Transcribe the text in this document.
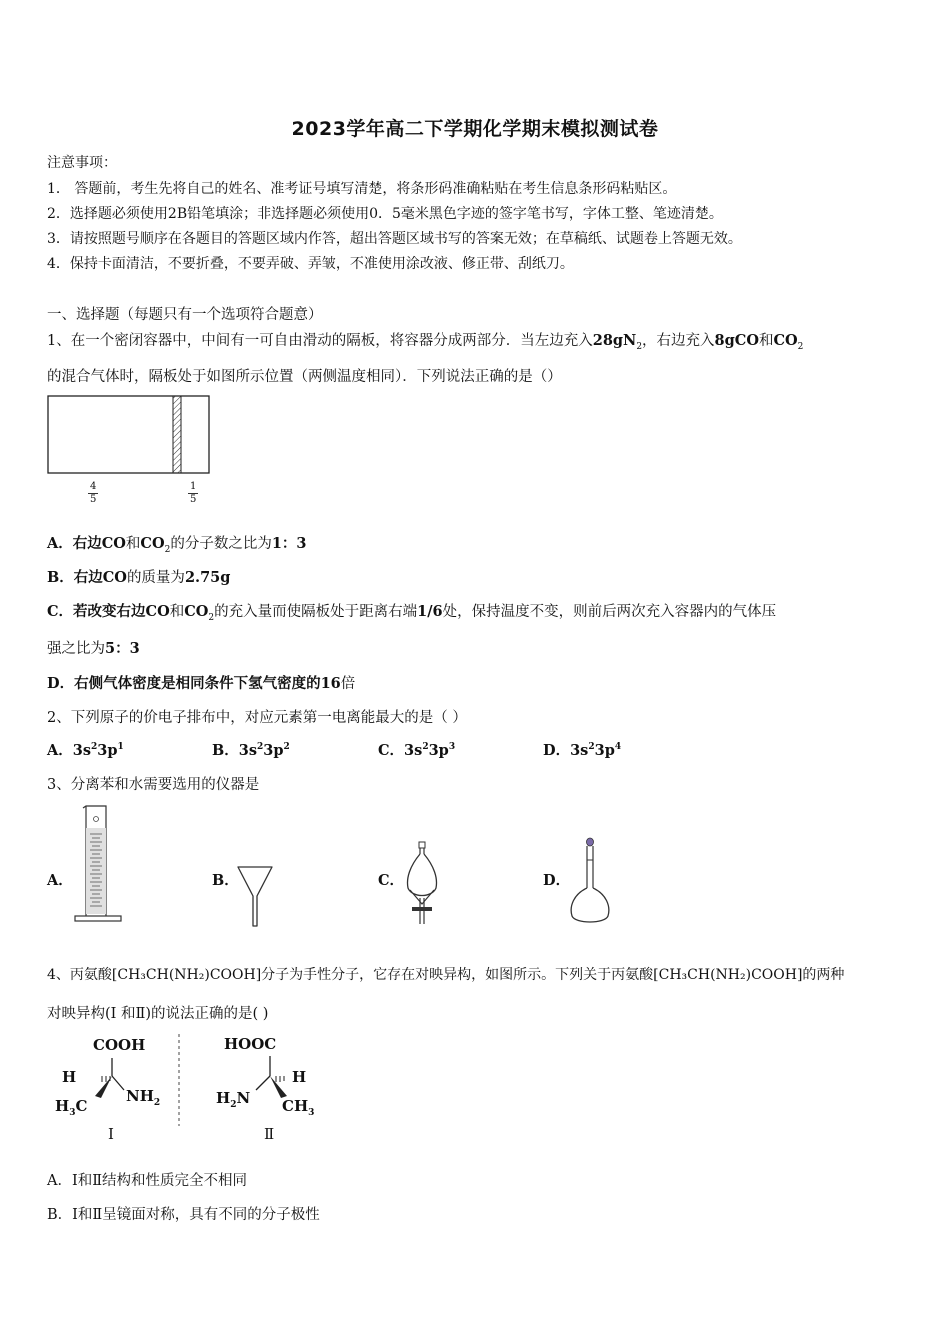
2023学年高二下学期化学期末模拟测试卷
注意事项：
1． 答题前，考生先将自己的姓名、准考证号填写清楚，将条形码准确粘贴在考生信息条形码粘贴区。
2．选择题必须使用2B铅笔填涂；非选择题必须使用0．5毫米黑色字迹的签字笔书写，字体工整、笔迹清楚。
3．请按照题号顺序在各题目的答题区域内作答，超出答题区域书写的答案无效；在草稿纸、试题卷上答题无效。
4．保持卡面清洁，不要折叠，不要弄破、弄皱，不准使用涂改液、修正带、刮纸刀。
一、选择题（每题只有一个选项符合题意）
1、在一个密闭容器中，中间有一可自由滑动的隔板，将容器分成两部分．当左边充入$28gN_2$，右边充入8gCO和$CO_2$
的混合气体时，隔板处于如图所示位置（两侧温度相同）．下列说法正确的是（）
$\frac{4}{5}$	$\frac{1}{5}$
A．右边CO和$CO_2$的分子数之比为1：3
B．右边CO的质量为2.75g
C．若改变右边CO和$CO_2$的充入量而使隔板处于距离右端1/6处，保持温度不变，则前后两次充入容器内的气体压
强之比为5：3
D．右侧气体密度是相同条件下氢气密度的16倍
2、下列原子的价电子排布中，对应元素第一电离能最大的是（ ）
A．$3s^23p^1$	B．$3s^23p^2$	C．$3s^23p^3$	D．$3s^23p^4$
3、分离苯和水需要选用的仪器是
A．	B．	C．	D．
4、丙氨酸[CH₃CH(NH₂)COOH]分子为手性分子，它存在对映异构，如图所示。下列关于丙氨酸[CH₃CH(NH₂)COOH]的两种
对映异构(Ⅰ 和Ⅱ)的说法正确的是( )
COOH
H
$H_3C$
$NH_2$
Ⅰ
HOOC
H
$H_2N$ $CH_3$
Ⅱ
A．Ⅰ和Ⅱ结构和性质完全不相同
B．Ⅰ和Ⅱ呈镜面对称，具有不同的分子极性
